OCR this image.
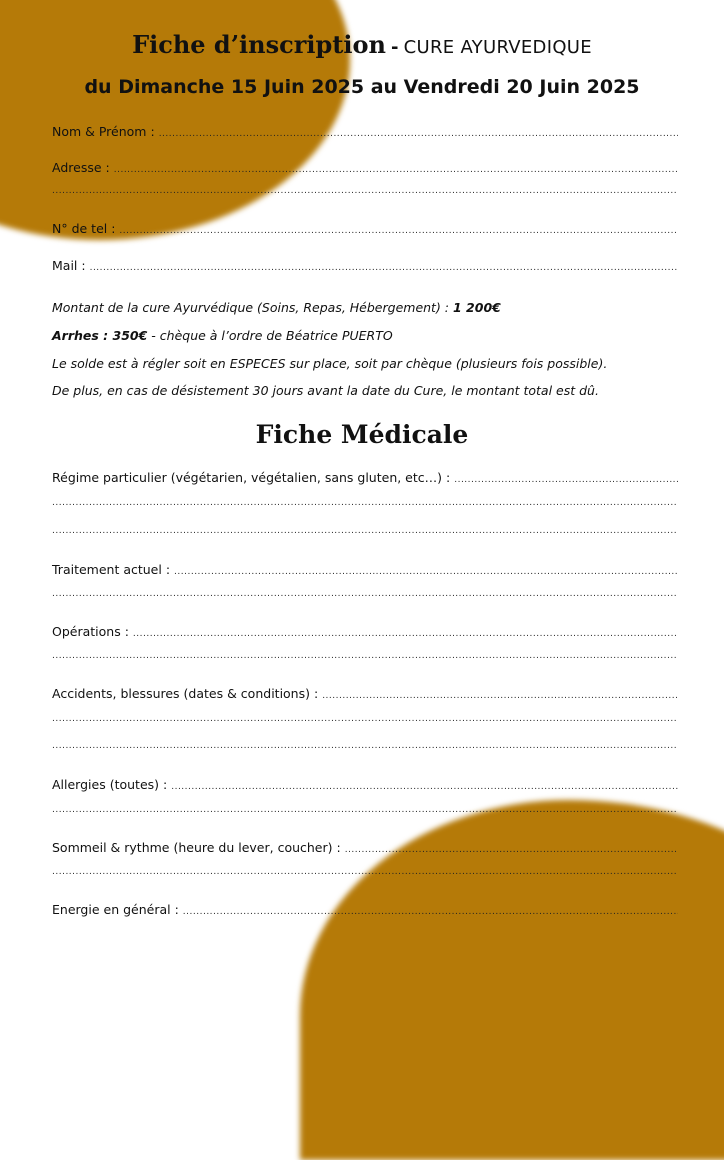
Fiche d’inscription - CURE AYURVEDIQUE
du Dimanche 15 Juin 2025 au Vendredi 20 Juin 2025
Nom & Prénom :
.....
Adresse :
.....
.....
N° de tel :
.....
Mail :
.....
Montant de la cure Ayurvédique (Soins, Repas, Hébergement) : 1 200€
Arrhes : 350€ - chèque à l’ordre de Béatrice PUERTO
Le solde est à régler soit en ESPECES sur place, soit par chèque (plusieurs fois possible).
De plus, en cas de désistement 30 jours avant la date du Cure, le montant total est dû.
Fiche Médicale
Régime particulier (végétarien, végétalien, sans gluten, etc…) :
.....
.....
.....
Traitement actuel :
.....
.....
Opérations :
.....
.....
Accidents, blessures (dates & conditions) :
.....
.....
.....
Allergies (toutes) :
.....
.....
Sommeil & rythme (heure du lever, coucher) :
.....
.....
Energie en général :
.....
